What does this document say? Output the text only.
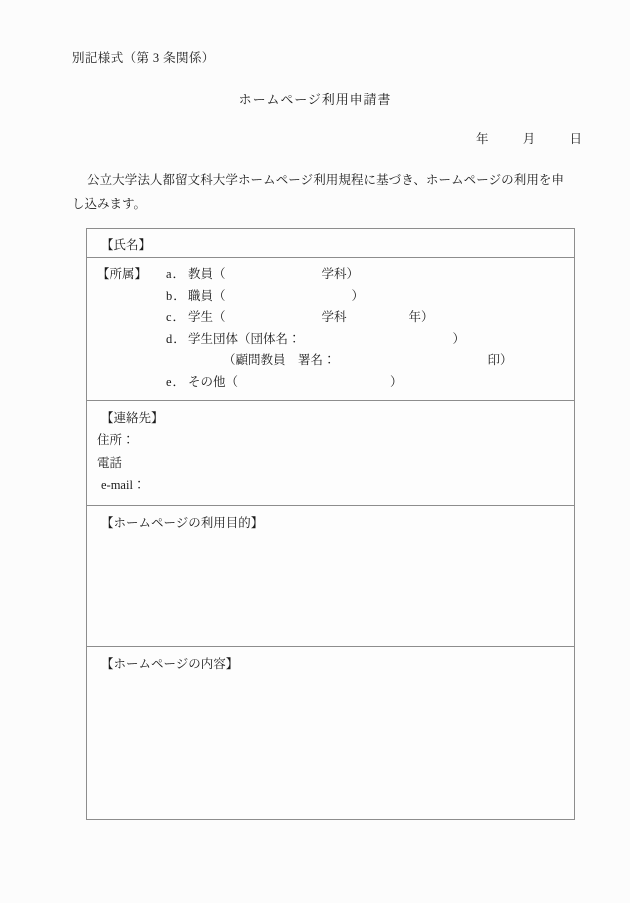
別記様式（第 3 条関係）
ホームページ利用申請書
年	月	日
公立大学法人都留文科大学ホームページ利用規程に基づき、ホームページの利用を申し込みます。
【氏名】

【所属】	a． 教員（	学科）
b．職員（	）
c． 学生（	学科	年）
d．学生団体（団体名：	）
（顧問教員　署名：	印）
e． その他（	）

【連絡先】
住所：
電話
e‐mail：

【ホームページの利用目的】

【ホームページの内容】
